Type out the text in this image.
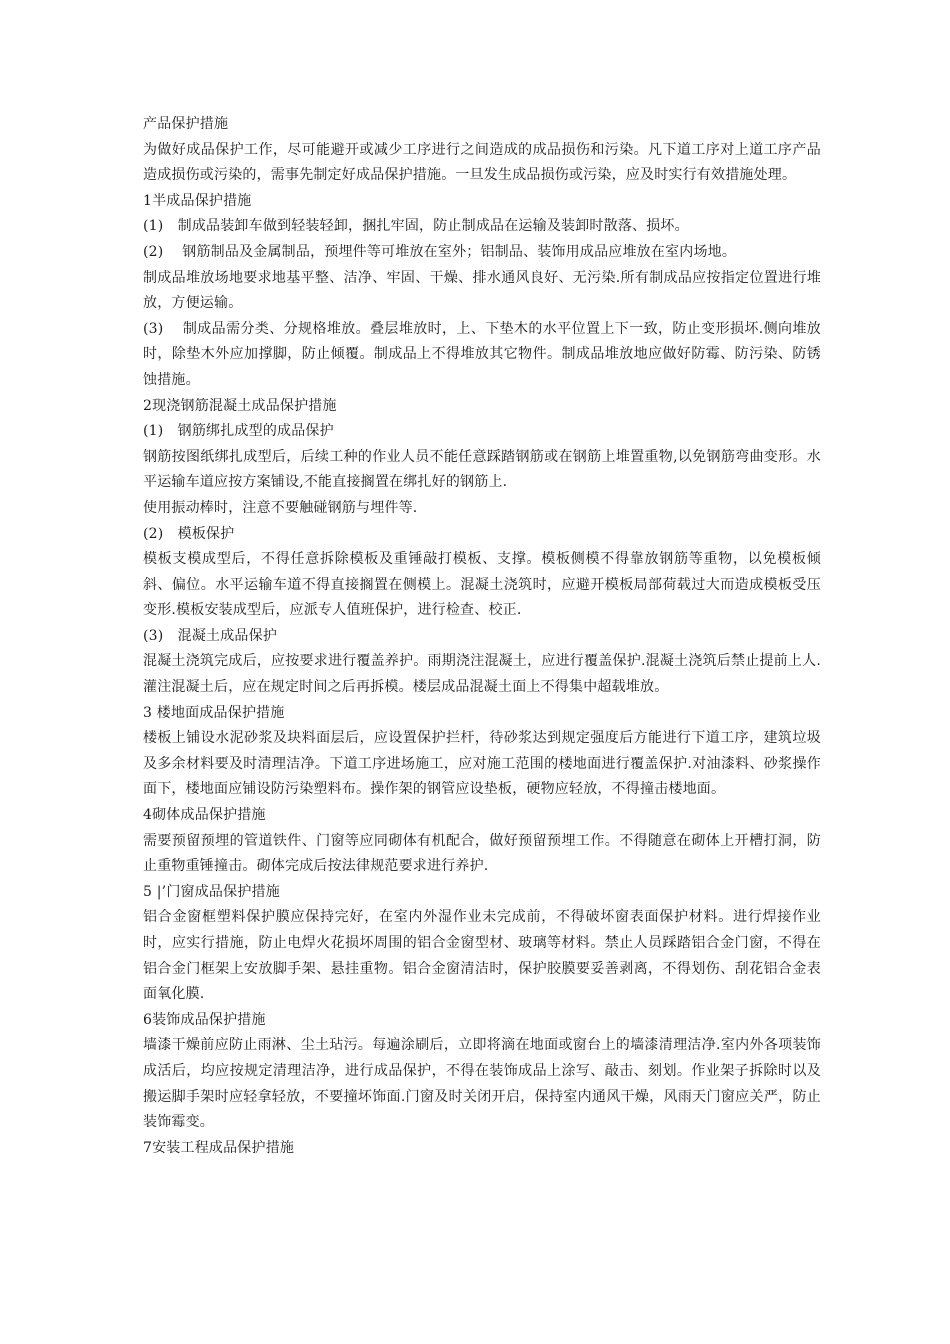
产品保护措施
为做好成品保护工作，尽可能避开或减少工序进行之间造成的成品损伤和污染。凡下道工序对上道工序产品造成损伤或污染的，需事先制定好成品保护措施。一旦发生成品损伤或污染，应及时实行有效措施处理。
1半成品保护措施
(1)　制成品装卸车做到轻装轻卸，捆扎牢固，防止制成品在运输及装卸时散落、损坏。
(2)　 钢筋制品及金属制品，预埋件等可堆放在室外；铝制品、装饰用成品应堆放在室内场地。
制成品堆放场地要求地基平整、洁净、牢固、干燥、排水通风良好、无污染.所有制成品应按指定位置进行堆放，方便运输。
(3)　 制成品需分类、分规格堆放。叠层堆放时，上、下垫木的水平位置上下一致，防止变形损坏.侧向堆放时，除垫木外应加撑脚，防止倾覆。制成品上不得堆放其它物件。制成品堆放地应做好防霉、防污染、防锈蚀措施。
2现浇钢筋混凝土成品保护措施
(1)　钢筋绑扎成型的成品保护
钢筋按图纸绑扎成型后，后续工种的作业人员不能任意踩踏钢筋或在钢筋上堆置重物,以免钢筋弯曲变形。水平运输车道应按方案铺设,不能直接搁置在绑扎好的钢筋上.
使用振动棒时，注意不要触碰钢筋与埋件等.
(2)　模板保护
模板支模成型后，不得任意拆除模板及重锤敲打模板、支撑。模板侧模不得靠放钢筋等重物，以免模板倾斜、偏位。水平运输车道不得直接搁置在侧模上。混凝土浇筑时，应避开模板局部荷载过大而造成模板受压变形.模板安装成型后，应派专人值班保护，进行检查、校正.
(3)　混凝土成品保护
混凝土浇筑完成后，应按要求进行覆盖养护。雨期浇注混凝土，应进行覆盖保护.混凝土浇筑后禁止提前上人.灌注混凝土后，应在规定时间之后再拆模。楼层成品混凝土面上不得集中超载堆放。
3 楼地面成品保护措施
楼板上铺设水泥砂浆及块料面层后，应设置保护拦杆，待砂浆达到规定强度后方能进行下道工序，建筑垃圾及多余材料要及时清理洁净。下道工序进场施工，应对施工范围的楼地面进行覆盖保护.对油漆料、砂浆操作面下，楼地面应铺设防污染塑料布。操作架的钢管应设垫板，硬物应轻放，不得撞击楼地面。
4砌体成品保护措施
需要预留预埋的管道铁件、门窗等应同砌体有机配合，做好预留预埋工作。不得随意在砌体上开槽打洞，防止重物重锤撞击。砌体完成后按法律规范要求进行养护.
5 |’门窗成品保护措施
铝合金窗框塑料保护膜应保持完好，在室内外湿作业未完成前，不得破坏窗表面保护材料。进行焊接作业时，应实行措施，防止电焊火花损坏周围的铝合金窗型材、玻璃等材料。禁止人员踩踏铝合金门窗，不得在铝合金门框架上安放脚手架、悬挂重物。铝合金窗清洁时，保护胶膜要妥善剥离，不得划伤、刮花铝合金表面氧化膜.
6装饰成品保护措施
墙漆干燥前应防止雨淋、尘土玷污。每遍涂刷后，立即将滴在地面或窗台上的墙漆清理洁净.室内外各项装饰成活后，均应按规定清理洁净，进行成品保护，不得在装饰成品上涂写、敲击、刻划。作业架子拆除时以及搬运脚手架时应轻拿轻放，不要撞坏饰面.门窗及时关闭开启，保持室内通风干燥，风雨天门窗应关严，防止装饰霉变。
7安装工程成品保护措施
